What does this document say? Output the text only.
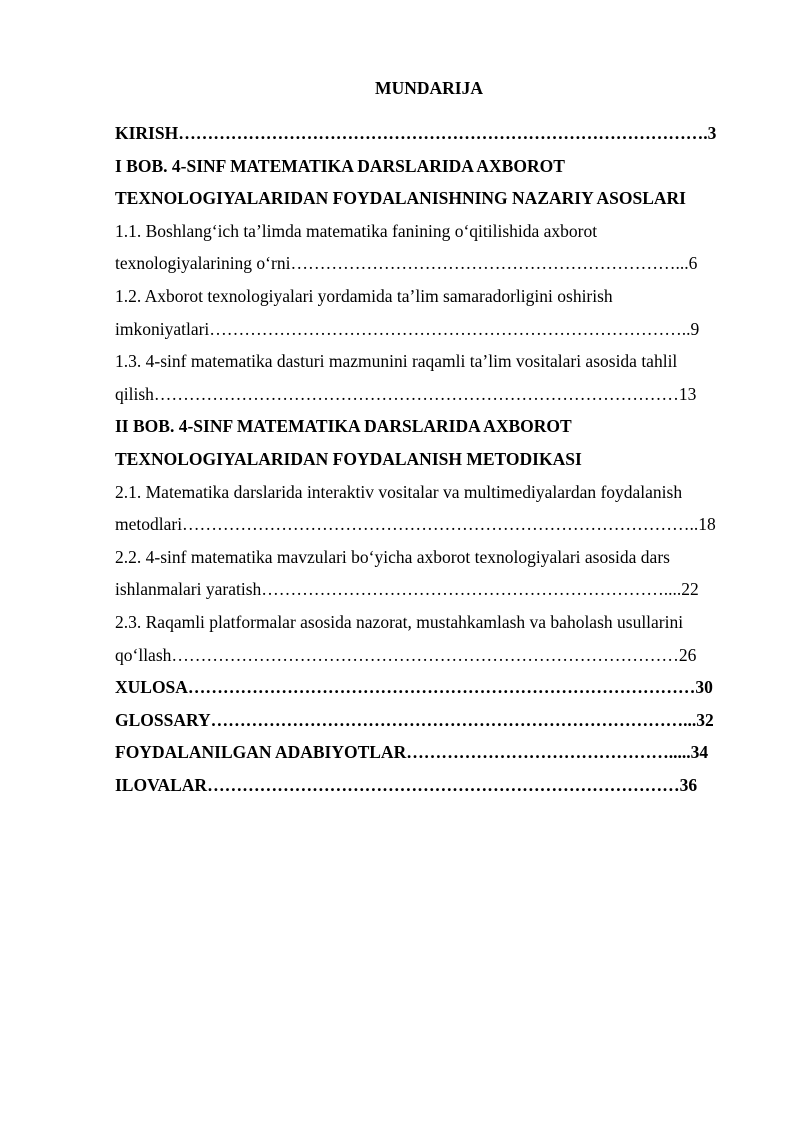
MUNDARIJA
KIRISH……………………………………………………………………………….3
I BOB. 4-SINF MATEMATIKA DARSLARIDA AXBOROT
TEXNOLOGIYALARIDAN FOYDALANISHNING NAZARIY ASOSLARI
1.1. Boshlang‘ich ta’limda matematika fanining o‘qitilishida axborot
texnologiyalarining o‘rni…………………………………………………………...6
1.2. Axborot texnologiyalari yordamida ta’lim samaradorligini oshirish
imkoniyatlari………………………………………………………………………..9
1.3. 4-sinf matematika dasturi mazmunini raqamli ta’lim vositalari asosida tahlil
qilish………………………………………………………………………………13
II BOB. 4-SINF MATEMATIKA DARSLARIDA AXBOROT
TEXNOLOGIYALARIDAN FOYDALANISH METODIKASI
2.1. Matematika darslarida interaktiv vositalar va multimediyalardan foydalanish
metodlari……………………………………………………………………………..18
2.2. 4-sinf matematika mavzulari bo‘yicha axborot texnologiyalari asosida dars
ishlanmalari yaratish……………………………………………………………....22
2.3. Raqamli platformalar asosida nazorat, mustahkamlash va baholash usullarini
qo‘llash……………………………………………………………………………26
XULOSA……………………………………………………………………………30
GLOSSARY………………………………………………………………………...32
FOYDALANILGAN ADABIYOTLAR……………………………………….....34
ILOVALAR………………………………………………………………………36
